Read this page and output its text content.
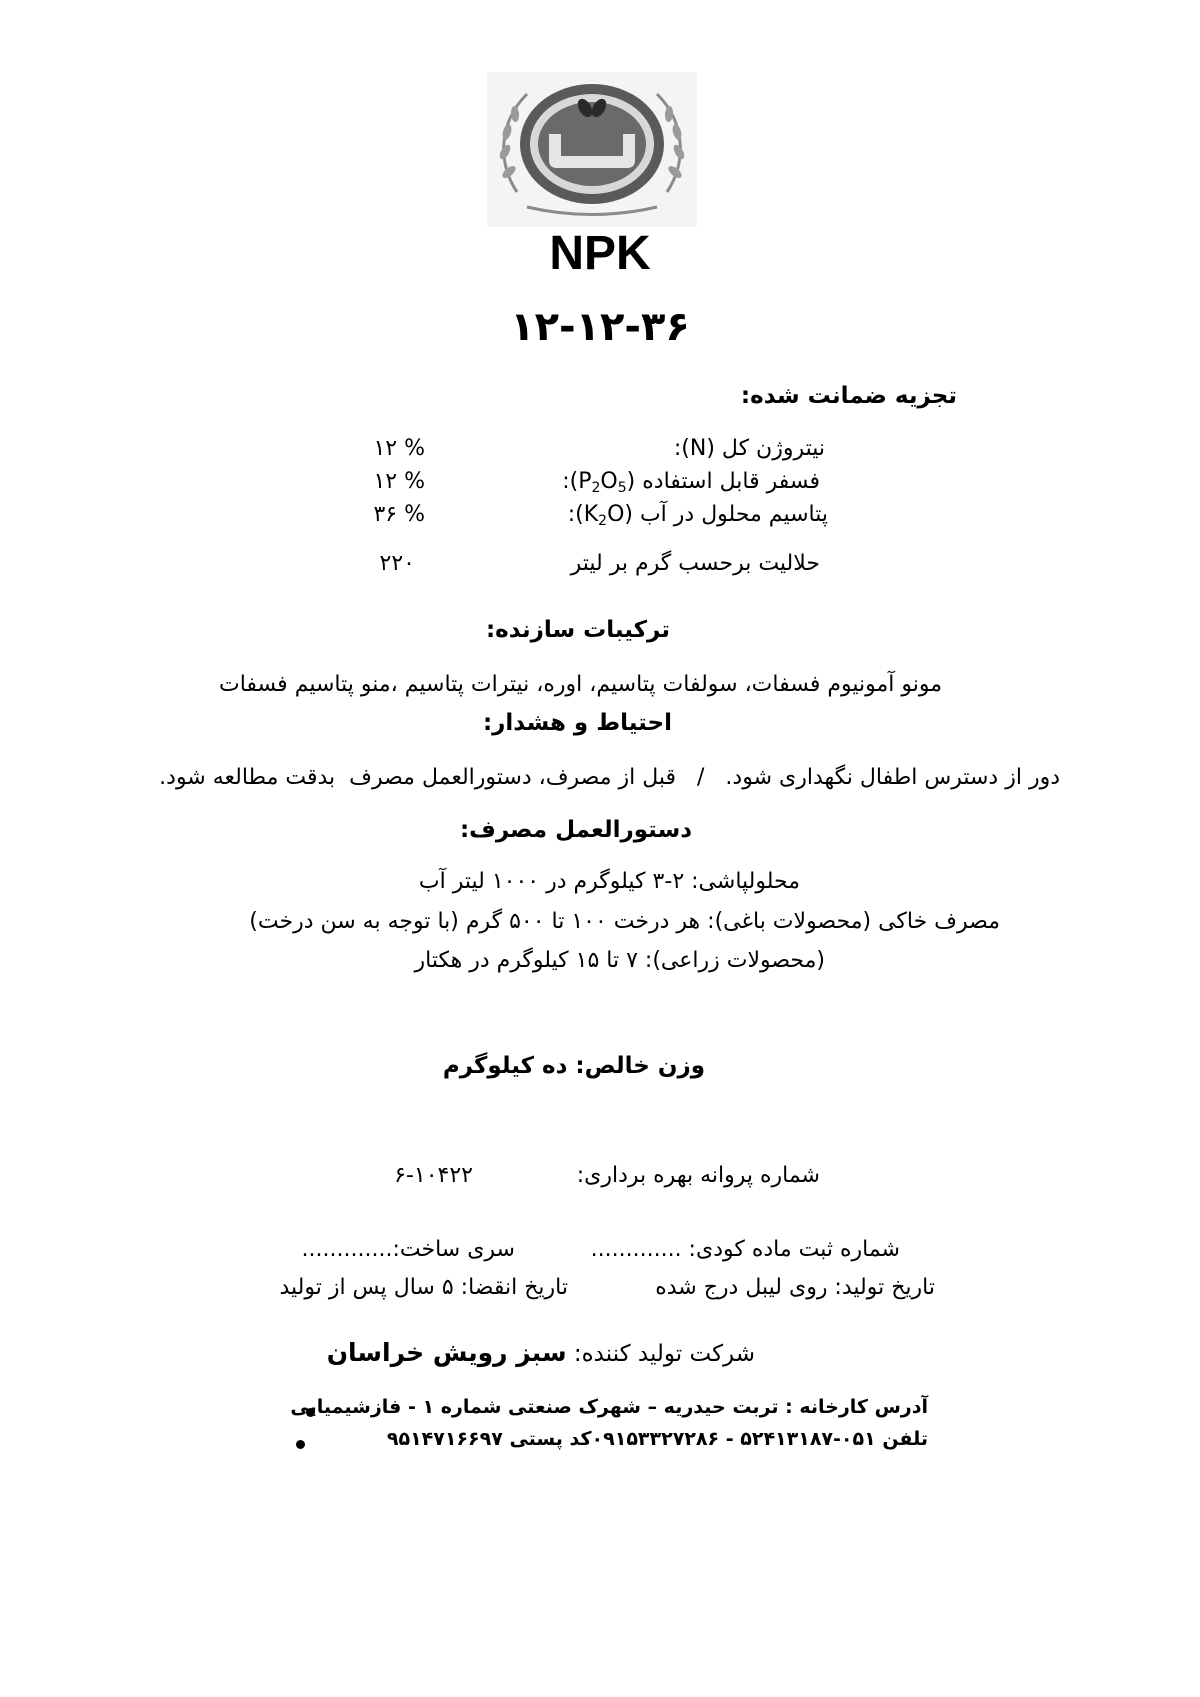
NPK
۱۲-۱۲-۳۶
تجزیه ضمانت شده:
نیتروژن کل (N):
۱۲ %
فسفر قابل استفاده $(P_2O_5)$:
۱۲ %
پتاسیم محلول در آب $(K_2O)$:
۳۶ %
حلالیت برحسب گرم بر لیتر
۲۲۰
ترکیبات سازنده:
مونو آمونیوم فسفات، سولفات پتاسیم، اوره، نیترات پتاسیم ،منو پتاسیم فسفات
احتیاط و هشدار:
دور از دسترس اطفال نگهداری شود.   /   قبل از مصرف، دستورالعمل مصرف  بدقت مطالعه شود.
دستورالعمل مصرف:
محلولپاشی: ۲-۳ کیلوگرم در ۱۰۰۰ لیتر آب
مصرف خاکی (محصولات باغی): هر درخت ۱۰۰ تا ۵۰۰ گرم (با توجه به سن درخت)
(محصولات زراعی): ۷ تا ۱۵ کیلوگرم در هکتار
وزن خالص: ده کیلوگرم
شماره پروانه بهره برداری:
۶-۱۰۴۲۲
شماره ثبت ماده کودی: .............
سری ساخت:.............
تاریخ تولید: روی لیبل درج شده
تاریخ انقضا: ۵ سال پس از تولید
شرکت تولید کننده: سبز رویش خراسان
آدرس کارخانه : تربت حیدریه – شهرک صنعتی شماره ۱ - فازشیمیایی
تلفن ۰۵۱-۵۲۴۱۳۱۸۷ - ۰۹۱۵۳۳۲۷۲۸۶کد پستی ۹۵۱۴۷۱۶۶۹۷
